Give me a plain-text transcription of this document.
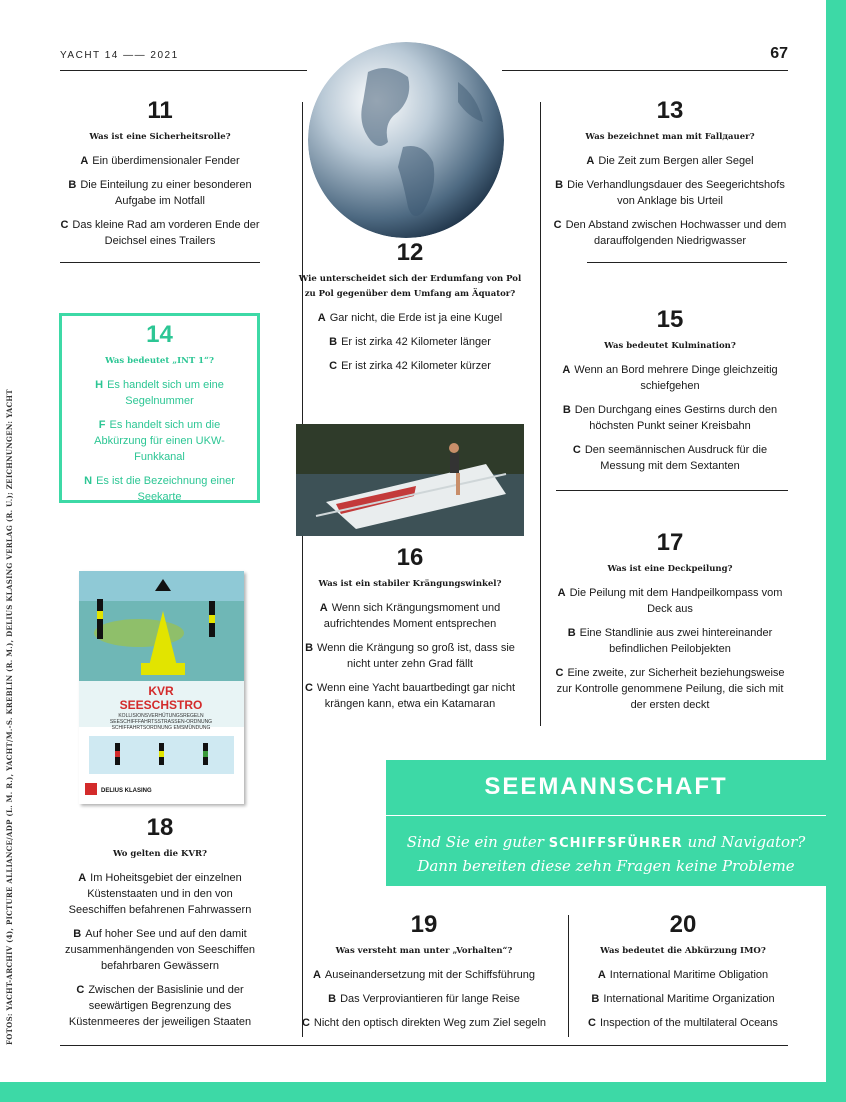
YACHT 14 —— 2021	67
FOTOS: YACHT-ARCHIV (4), PICTURE ALLIANCE/ADP (L. M. R.), YACHT/M.-S. KREBLIN (R. M.), DELIUS KLASING VERLAG (R. U.); ZEICHNUNGEN: YACHT
11
Was ist eine Sicherheitsrolle?
A Ein überdimensionaler Fender
B Die Einteilung zu einer besonderen Aufgabe im Notfall
C Das kleine Rad am vorderen Ende der Deichsel eines Trailers
13
Was bezeichnet man mit Fallдauer?
A Die Zeit zum Bergen aller Segel
B Die Verhandlungsdauer des Seegerichtshofs von Anklage bis Urteil
C Den Abstand zwischen Hochwasser und dem darauffolgenden Niedrigwasser
12
Wie unterscheidet sich der Erdumfang von Pol zu Pol gegenüber dem Umfang am Äquator?
A Gar nicht, die Erde ist ja eine Kugel
B Er ist zirka 42 Kilometer länger
C Er ist zirka 42 Kilometer kürzer
14
Was bedeutet „INT 1“?
H Es handelt sich um eine Segelnummer
F Es handelt sich um die Abkürzung für einen UKW-Funkkanal
N Es ist die Bezeichnung einer Seekarte
15
Was bedeutet Kulmination?
A Wenn an Bord mehrere Dinge gleichzeitig schiefgehen
B Den Durchgang eines Gestirns durch den höchsten Punkt seiner Kreisbahn
C Den seemännischen Ausdruck für die Messung mit dem Sextanten
16
Was ist ein stabiler Krängungswinkel?
A Wenn sich Krängungsmoment und aufrichtendes Moment entsprechen
B Wenn die Krängung so groß ist, dass sie nicht unter zehn Grad fällt
C Wenn eine Yacht bauartbedingt gar nicht krängen kann, etwa ein Katamaran
17
Was ist eine Deckpeilung?
A Die Peilung mit dem Handpeilkompass vom Deck aus
B Eine Standlinie aus zwei hintereinander befindlichen Peilobjekten
C Eine zweite, zur Sicherheit beziehungsweise zur Kontrolle genommene Peilung, die sich mit der ersten deckt
KVR
SEESCHSTRO
KOLLISIONSVERHÜTUNGSREGELN
SEESCHIFFFAHRTSSTRASSEN-ORDNUNG
SCHIFFAHRTSORDNUNG EMSMÜNDUNG
DELIUS KLASING	SEEMANNSCHAFT
Sind Sie ein guter SCHIFFSFÜHRER und Navigator?
Dann bereiten diese zehn Fragen keine Probleme
18
Wo gelten die KVR?
A Im Hoheitsgebiet der einzelnen Küstenstaaten und in den von Seeschiffen befahrenen Fahrwassern
B Auf hoher See und auf den damit zusammenhängenden von Seeschiffen befahrbaren Gewässern
C Zwischen der Basislinie und der seewärtigen Begrenzung des Küstenmeeres der jeweiligen Staaten
19
Was versteht man unter „Vorhalten“?
A Auseinandersetzung mit der Schiffsführung
B Das Verproviantieren für lange Reise
C Nicht den optisch direkten Weg zum Ziel segeln
20
Was bedeutet die Abkürzung IMO?
A International Maritime Obligation
B International Maritime Organization
C Inspection of the multilateral Oceans
